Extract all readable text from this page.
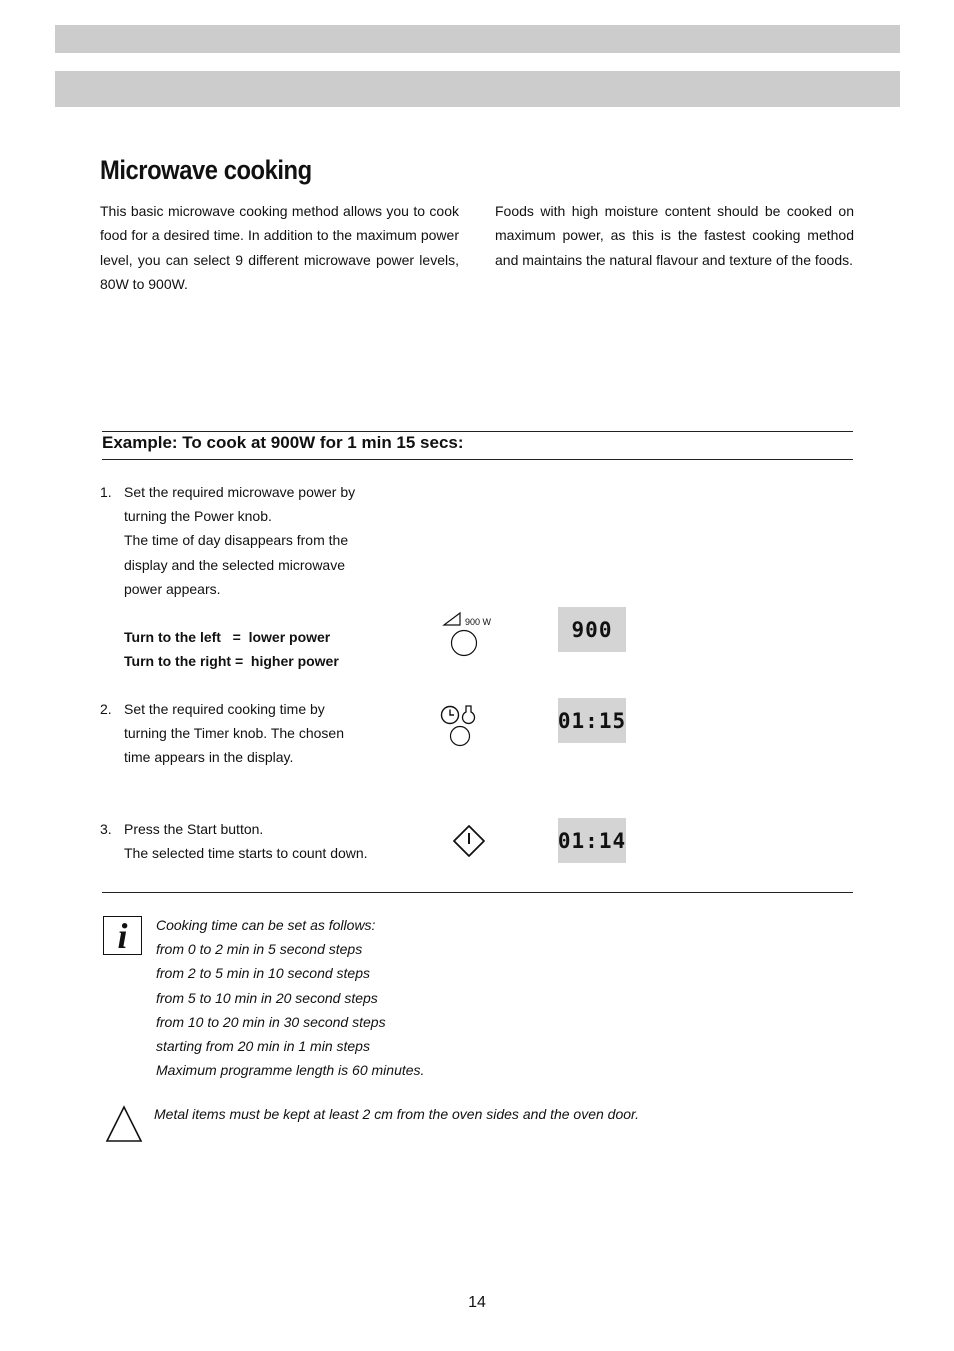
Microwave cooking
This basic microwave cooking method allows you to cook food for a desired time. In addition to the maximum power level, you can select 9 different microwave power levels, 80W to 900W.
Foods with high moisture content should be cooked on maximum power, as this is the fastest cooking method and maintains the natural flavour and texture of the foods.
Example: To cook at 900W for 1 min 15 secs:
1. Set the required microwave power by
turning the Power knob.
The time of day disappears from the
display and the selected microwave
power appears.
Turn to the left   =  lower power
Turn to the right =  higher power
900 W	900
2. Set the required cooking time by
turning the Timer knob. The chosen
time appears in the display.
01:15
3. Press the Start button.
The selected time starts to count down.
01:14
i	Cooking time can be set as follows:
from 0 to 2 min in 5 second steps
from 2 to 5 min in 10 second steps
from 5 to 10 min in 20 second steps
from 10 to 20 min in 30 second steps
starting from 20 min in 1 min steps
Maximum programme length is 60 minutes.
Metal items must be kept at least 2 cm from the oven sides and the oven door.
14
